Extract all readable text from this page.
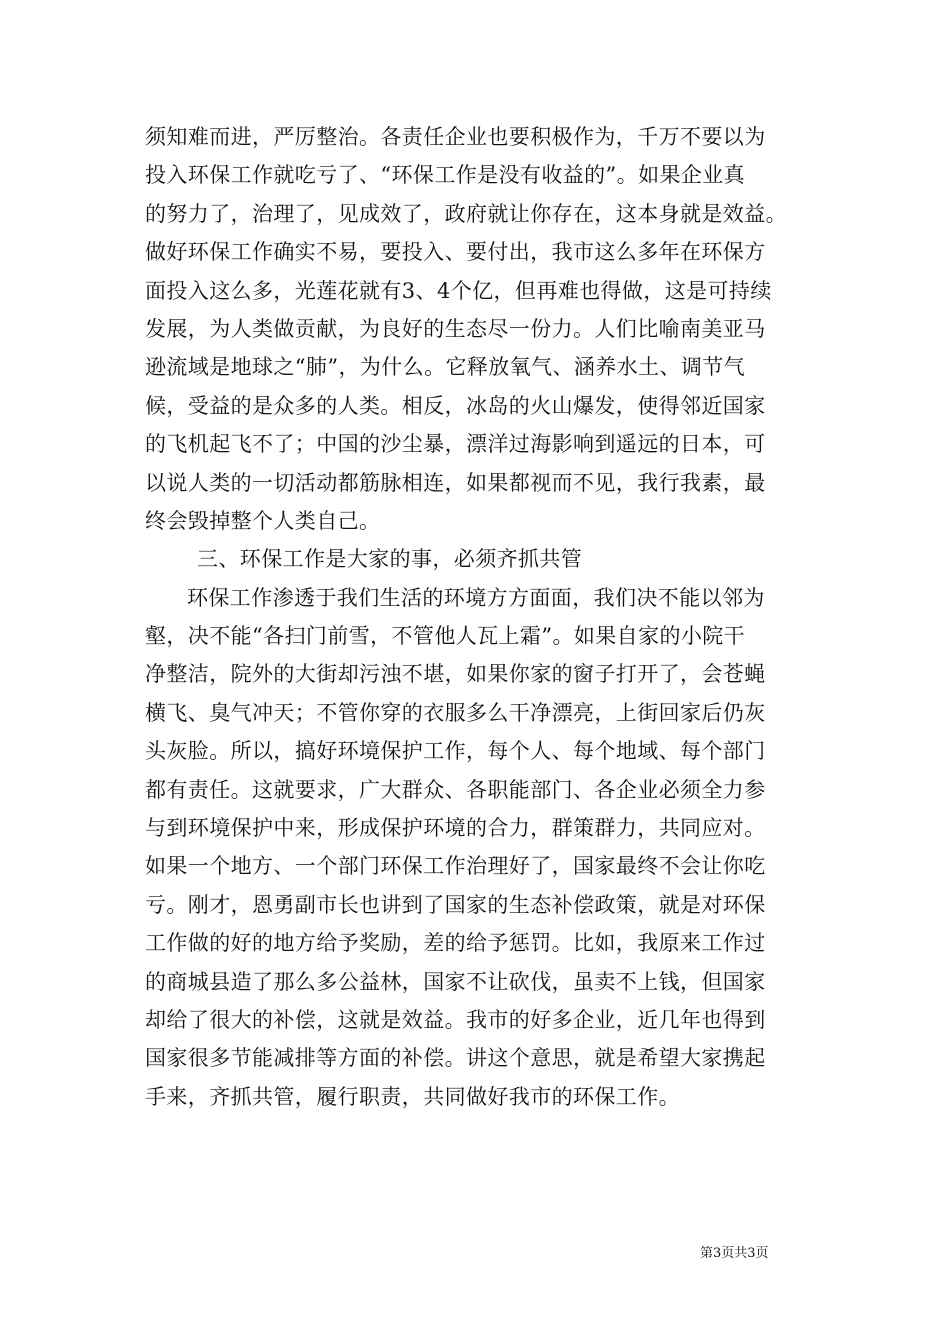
须知难而进，严厉整治。各责任企业也要积极作为，千万不要以为
投入环保工作就吃亏了、“环保工作是没有收益的”。如果企业真
的努力了，治理了，见成效了，政府就让你存在，这本身就是效益。
做好环保工作确实不易，要投入、要付出，我市这么多年在环保方
面投入这么多，光莲花就有3、4个亿，但再难也得做，这是可持续
发展，为人类做贡献，为良好的生态尽一份力。人们比喻南美亚马
逊流域是地球之“肺”，为什么。它释放氧气、涵养水土、调节气
候，受益的是众多的人类。相反，冰岛的火山爆发，使得邻近国家
的飞机起飞不了；中国的沙尘暴，漂洋过海影响到遥远的日本，可
以说人类的一切活动都筋脉相连，如果都视而不见，我行我素，最
终会毁掉整个人类自己。
三、环保工作是大家的事，必须齐抓共管
环保工作渗透于我们生活的环境方方面面，我们决不能以邻为
壑，决不能“各扫门前雪，不管他人瓦上霜”。如果自家的小院干
净整洁，院外的大街却污浊不堪，如果你家的窗子打开了，会苍蝇
横飞、臭气冲天；不管你穿的衣服多么干净漂亮，上街回家后仍灰
头灰脸。所以，搞好环境保护工作，每个人、每个地域、每个部门
都有责任。这就要求，广大群众、各职能部门、各企业必须全力参
与到环境保护中来，形成保护环境的合力，群策群力，共同应对。
如果一个地方、一个部门环保工作治理好了，国家最终不会让你吃
亏。刚才，恩勇副市长也讲到了国家的生态补偿政策，就是对环保
工作做的好的地方给予奖励，差的给予惩罚。比如，我原来工作过
的商城县造了那么多公益林，国家不让砍伐，虽卖不上钱，但国家
却给了很大的补偿，这就是效益。我市的好多企业，近几年也得到
国家很多节能减排等方面的补偿。讲这个意思，就是希望大家携起
手来，齐抓共管，履行职责，共同做好我市的环保工作。
第3页共3页
